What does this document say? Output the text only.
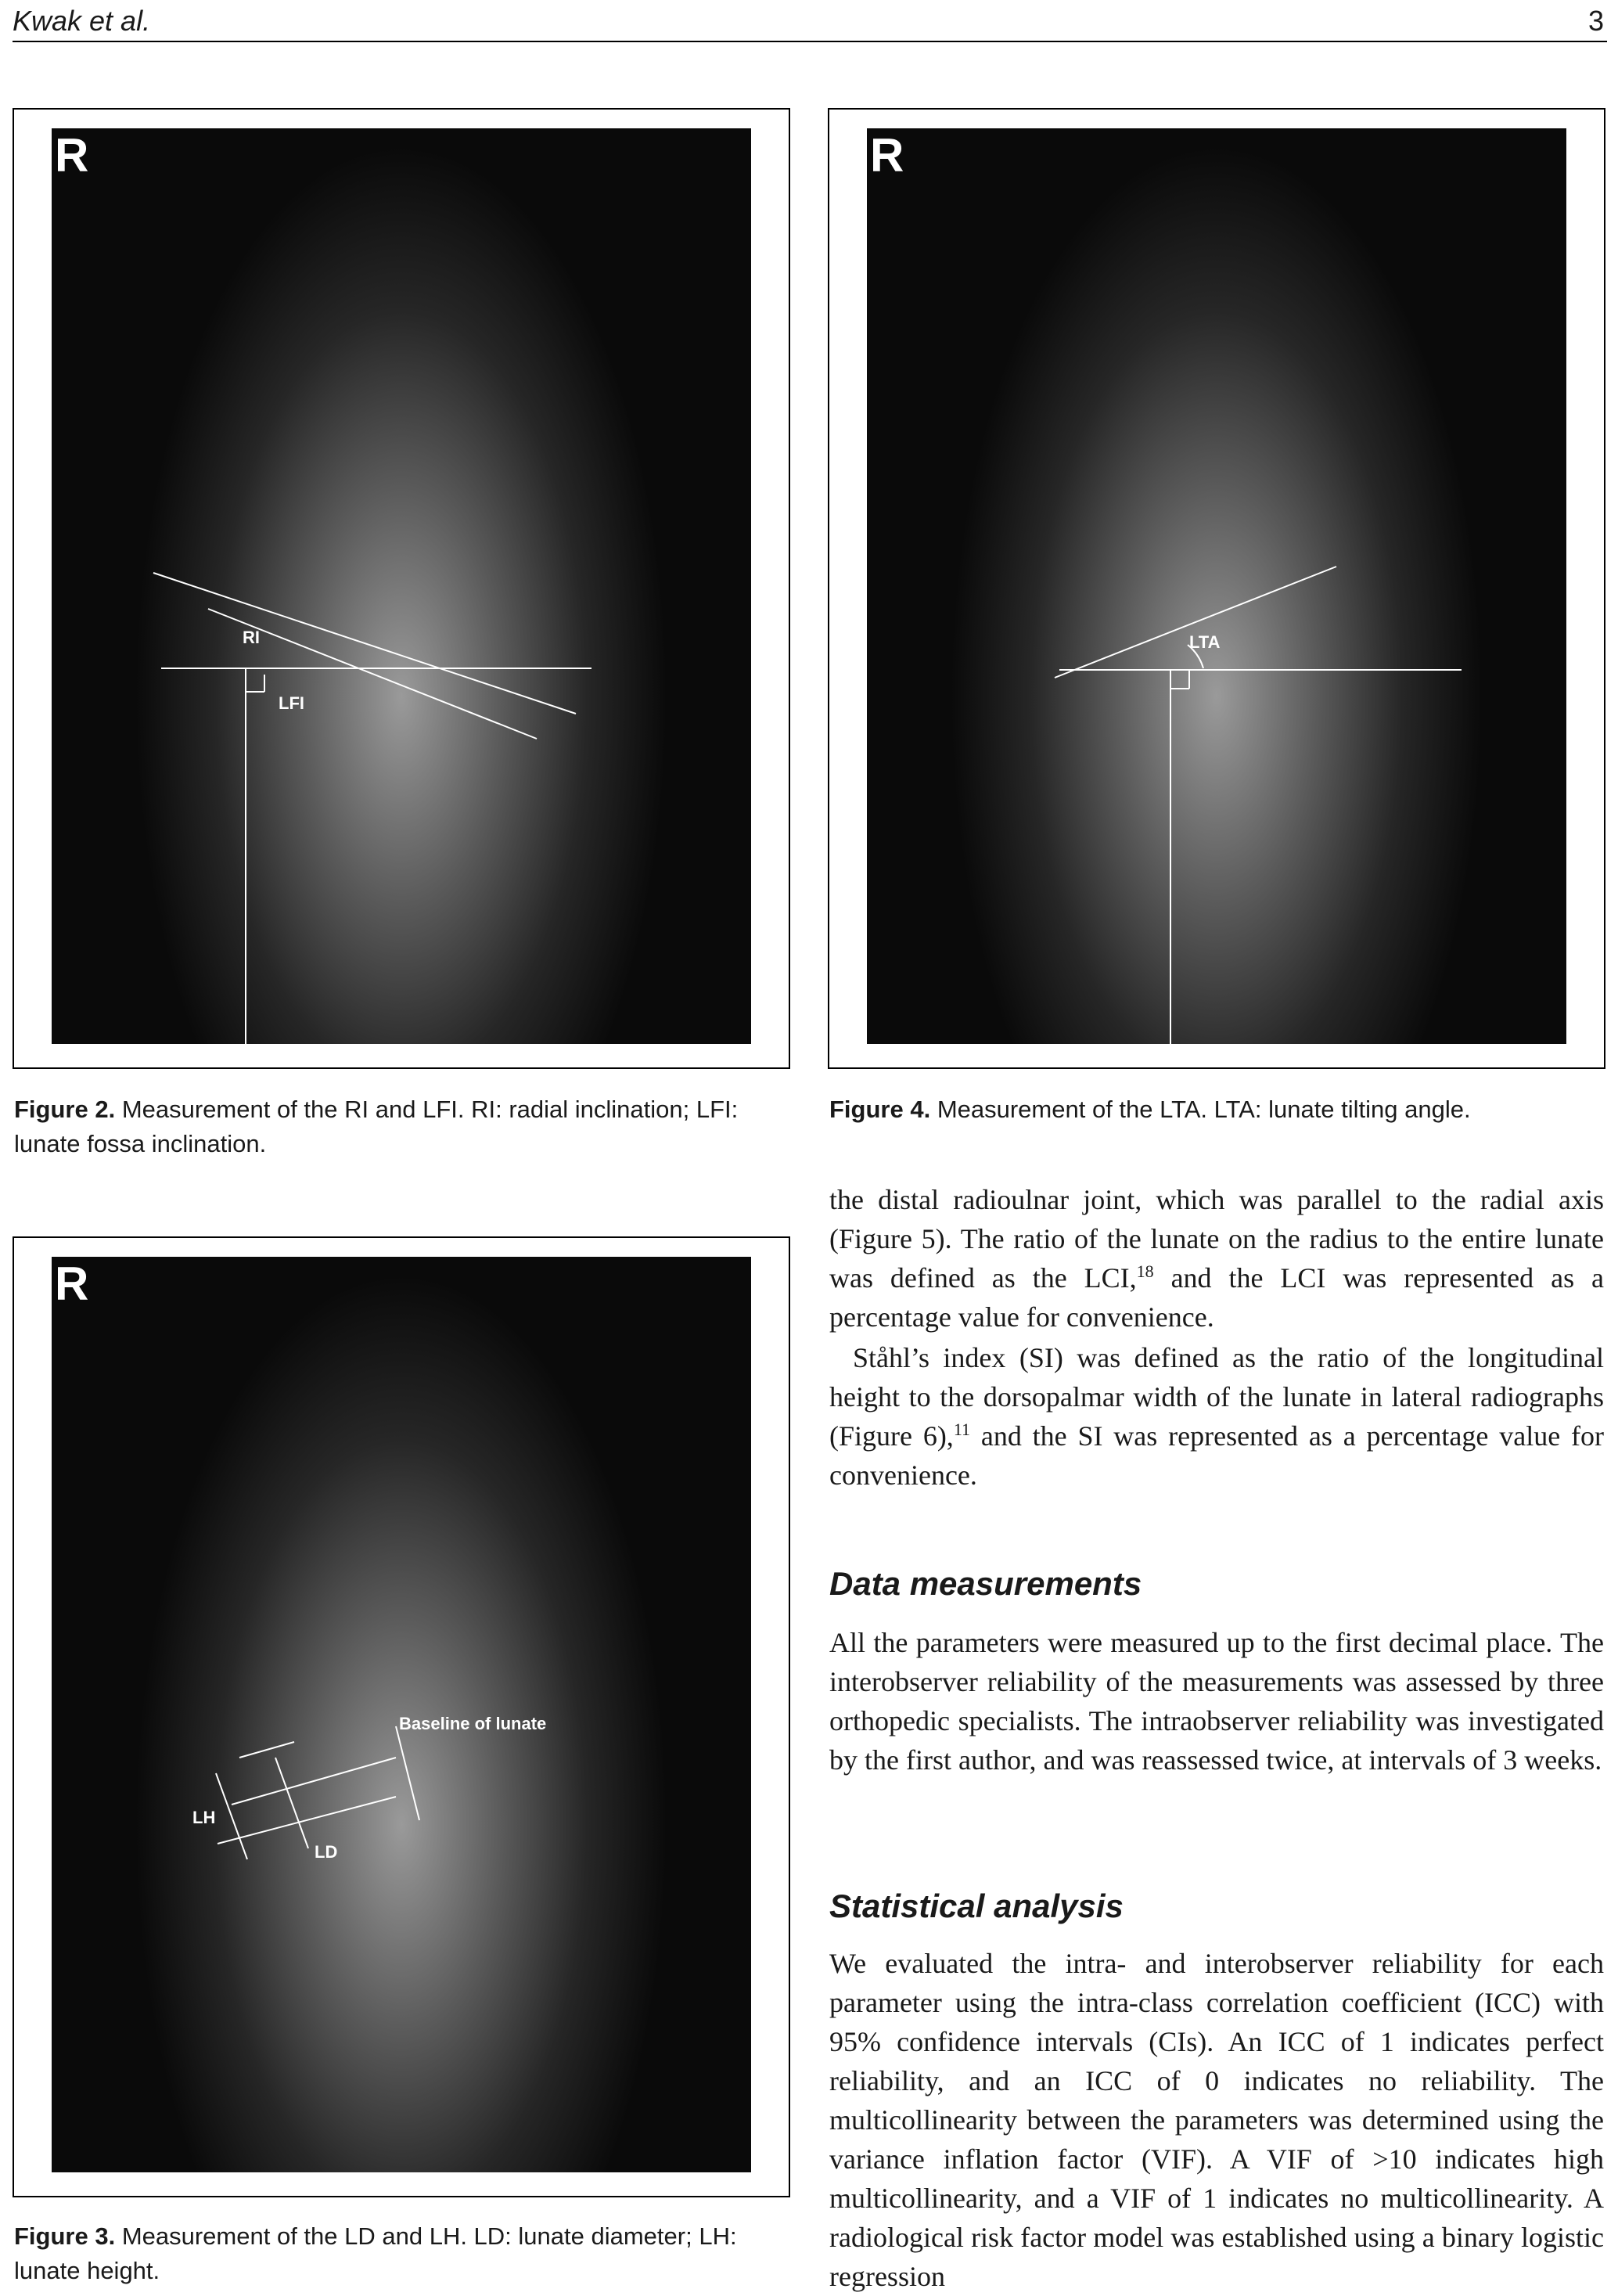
Kwak et al.	3
R
RI
LFI
Figure 2. Measurement of the RI and LFI. RI: radial inclination; LFI: lunate fossa inclination.
R
LTA
Figure 4. Measurement of the LTA. LTA: lunate tilting angle.
R
Baseline of lunate
LH
LD
Figure 3. Measurement of the LD and LH. LD: lunate diameter; LH: lunate height.

the distal radioulnar joint, which was parallel to the radial axis (Figure 5). The ratio of the lunate on the radius to the entire lunate was defined as the LCI,$^{18}$ and the LCI was represented as a percentage value for convenience.

Ståhl’s index (SI) was defined as the ratio of the longitudinal height to the dorsopalmar width of the lunate in lateral radiographs (Figure 6),$^{11}$ and the SI was represented as a percentage value for convenience.

Data measurements

All the parameters were measured up to the first decimal place. The interobserver reliability of the measurements was assessed by three orthopedic specialists. The intraobserver reliability was investigated by the first author, and was reassessed twice, at intervals of 3 weeks.

Statistical analysis

We evaluated the intra- and interobserver reliability for each parameter using the intra-class correlation coefficient (ICC) with 95% confidence intervals (CIs). An ICC of 1 indicates perfect reliability, and an ICC of 0 indicates no reliability. The multicollinearity between the parameters was determined using the variance inflation factor (VIF). A VIF of >10 indicates high multicollinearity, and a VIF of 1 indicates no multicollinearity. A radiological risk factor model was established using a binary logistic regression
